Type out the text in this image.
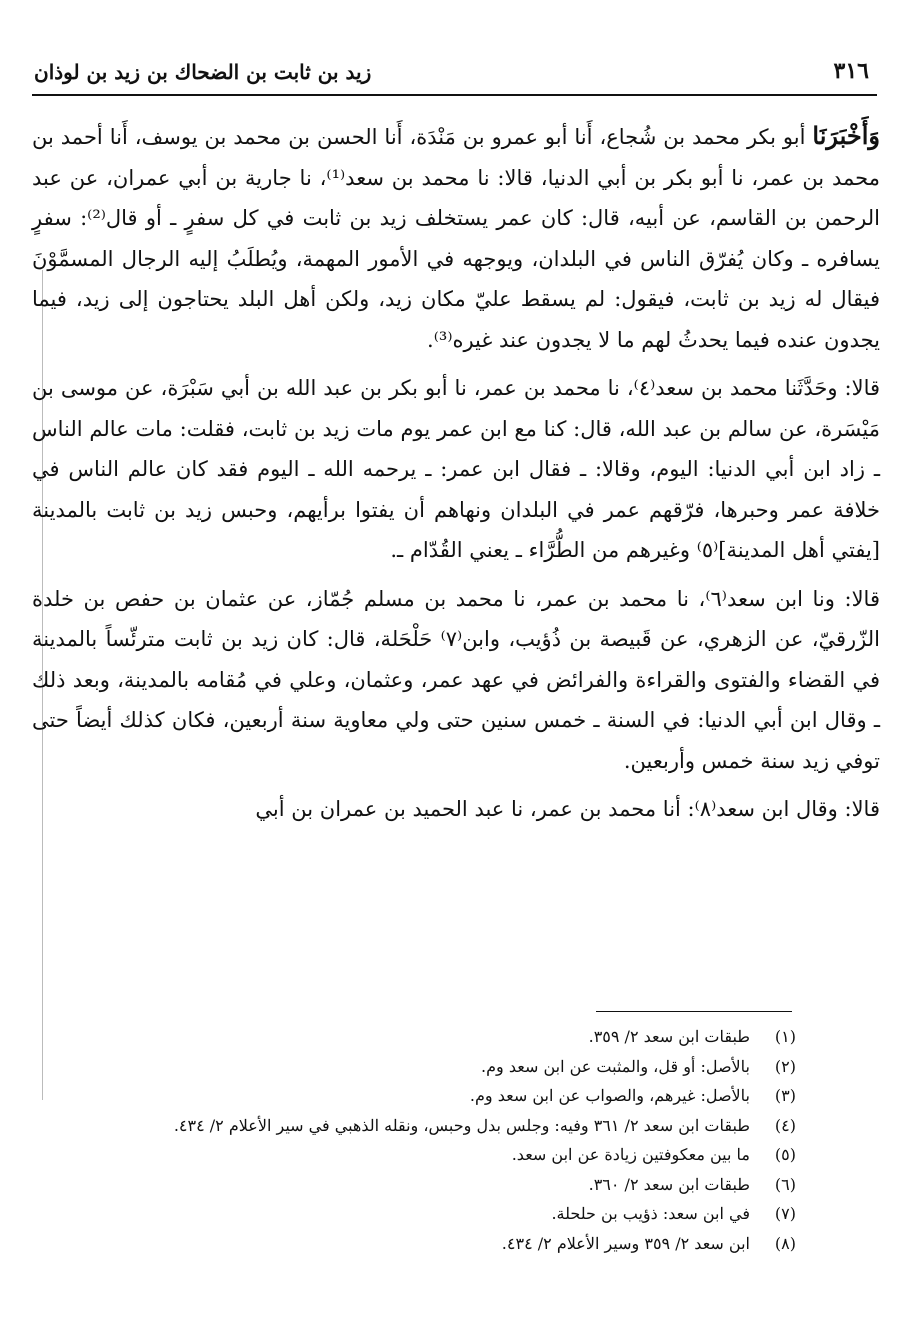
٣١٦
زيد بن ثابت بن الضحاك بن زيد بن لوذان

وَأَخْبَرَنَا أبو بكر محمد بن شُجاع، أَنا أبو عمرو بن مَنْدَة، أَنا الحسن بن محمد بن يوسف، أَنا أحمد بن محمد بن عمر، نا أبو بكر بن أبي الدنيا، قالا: نا محمد بن سعد⁽¹⁾، نا جارية بن أبي عمران، عن عبد الرحمن بن القاسم، عن أبيه، قال: كان عمر يستخلف زيد بن ثابت في كل سفرٍ ـ أو قال⁽²⁾: سفرٍ يسافره ـ وكان يُفرّق الناس في البلدان، ويوجهه في الأمور المهمة، ويُطلَبُ إليه الرجال المسمَّوْنَ فيقال له زيد بن ثابت، فيقول: لم يسقط عليّ مكان زيد، ولكن أهل البلد يحتاجون إلى زيد، فيما يجدون عنده فيما يحدثُ لهم ما لا يجدون عند غيره⁽³⁾.

قالا: وحَدَّثَنا محمد بن سعد⁽٤⁾، نا محمد بن عمر، نا أبو بكر بن عبد الله بن أبي سَبْرَة، عن موسى بن مَيْسَرة، عن سالم بن عبد الله، قال: كنا مع ابن عمر يوم مات زيد بن ثابت، فقلت: مات عالم الناس ـ زاد ابن أبي الدنيا: اليوم، وقالا: ـ فقال ابن عمر: ـ يرحمه الله ـ اليوم فقد كان عالم الناس في خلافة عمر وحبرها، فرّقهم عمر في البلدان ونهاهم أن يفتوا برأيهم، وحبس زيد بن ثابت بالمدينة [يفتي أهل المدينة]⁽٥⁾ وغيرهم من الطُّرَّاء ـ يعني القُدّام ـ.

قالا: ونا ابن سعد⁽٦⁾، نا محمد بن عمر، نا محمد بن مسلم جُمّاز، عن عثمان بن حفص بن خلدة الزّرقيّ، عن الزهري، عن قَبيصة بن ذُؤيب، وابن⁽٧⁾ حَلْحَلة، قال: كان زيد بن ثابت مترئّساً بالمدينة في القضاء والفتوى والقراءة والفرائض في عهد عمر، وعثمان، وعلي في مُقامه بالمدينة، وبعد ذلك ـ وقال ابن أبي الدنيا: في السنة ـ خمس سنين حتى ولي معاوية سنة أربعين، فكان كذلك أيضاً حتى توفي زيد سنة خمس وأربعين.

قالا: وقال ابن سعد⁽٨⁾: أنا محمد بن عمر، نا عبد الحميد بن عمران بن أبي

(١)
طبقات ابن سعد ٢/ ٣٥٩.
(٢)
بالأصل: أو قل، والمثبت عن ابن سعد وم.
(٣)
بالأصل: غيرهم، والصواب عن ابن سعد وم.
(٤)
طبقات ابن سعد ٢/ ٣٦١ وفيه: وجلس بدل وحبس، ونقله الذهبي في سير الأعلام ٢/ ٤٣٤.
(٥)
ما بين معكوفتين زيادة عن ابن سعد.
(٦)
طبقات ابن سعد ٢/ ٣٦٠.
(٧)
في ابن سعد: ذؤيب بن حلحلة.
(٨)
ابن سعد ٢/ ٣٥٩ وسير الأعلام ٢/ ٤٣٤.
